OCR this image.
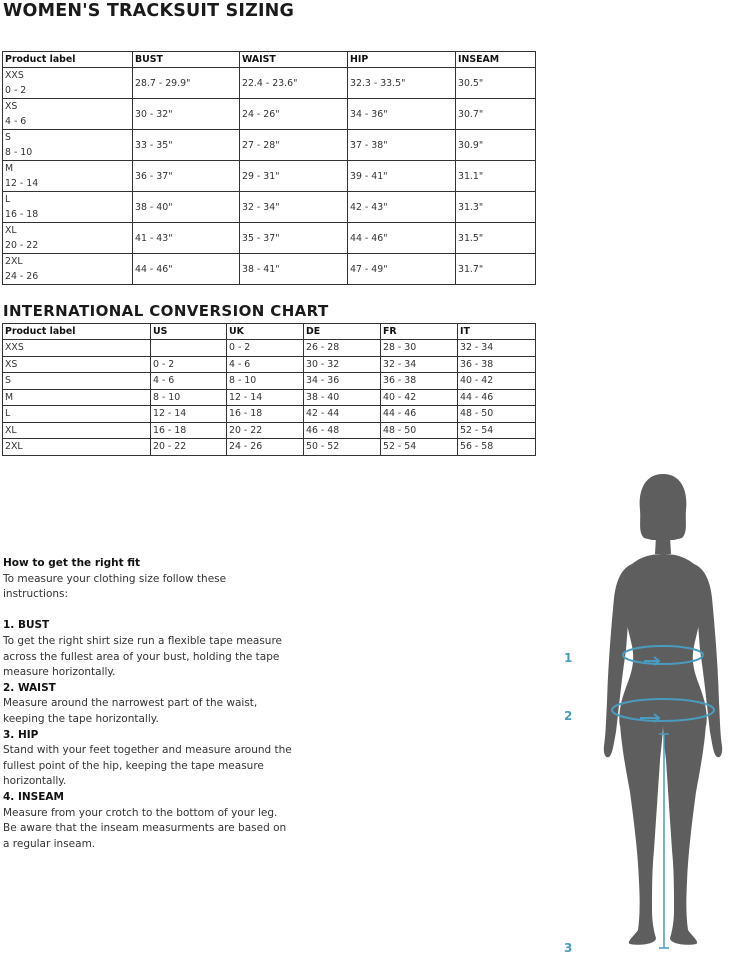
WOMEN'S TRACKSUIT SIZING
Product label	BUST	WAIST	HIP	INSEAM

XXS
0 - 2	28.7 - 29.9"	22.4 - 23.6"	32.3 - 33.5"	30.5"

XS
4 - 6	30 - 32"	24 - 26"	34 - 36"	30.7"

S
8 - 10	33 - 35"	27 - 28"	37 - 38"	30.9"

M
12 - 14	36 - 37"	29 - 31"	39 - 41"	31.1"

L
16 - 18	38 - 40"	32 - 34"	42 - 43"	31.3"

XL
20 - 22	41 - 43"	35 - 37"	44 - 46"	31.5"

2XL
24 - 26	44 - 46"	38 - 41"	47 - 49"	31.7"
INTERNATIONAL CONVERSION CHART
Product label	US	UK	DE	FR	IT
XXS		0 - 2	26 - 28	28 - 30	32 - 34
XS	0 - 2	4 - 6	30 - 32	32 - 34	36 - 38
S	4 - 6	8 - 10	34 - 36	36 - 38	40 - 42
M	8 - 10	12 - 14	38 - 40	40 - 42	44 - 46
L	12 - 14	16 - 18	42 - 44	44 - 46	48 - 50
XL	16 - 18	20 - 22	46 - 48	48 - 50	52 - 54
2XL	20 - 22	24 - 26	50 - 52	52 - 54	56 - 58
How to get the right fit
To measure your clothing size follow these instructions:
1. BUST
To get the right shirt size run a flexible tape measure across the fullest area of your bust, holding the tape measure horizontally.
2. WAIST
Measure around the narrowest part of the waist, keeping the tape horizontally.
3. HIP
Stand with your feet together and measure around the fullest point of the hip, keeping the tape measure horizontally.
4. INSEAM
Measure from your crotch to the bottom of your leg. Be aware that the inseam measurments are based on a regular inseam.
1
2
3
